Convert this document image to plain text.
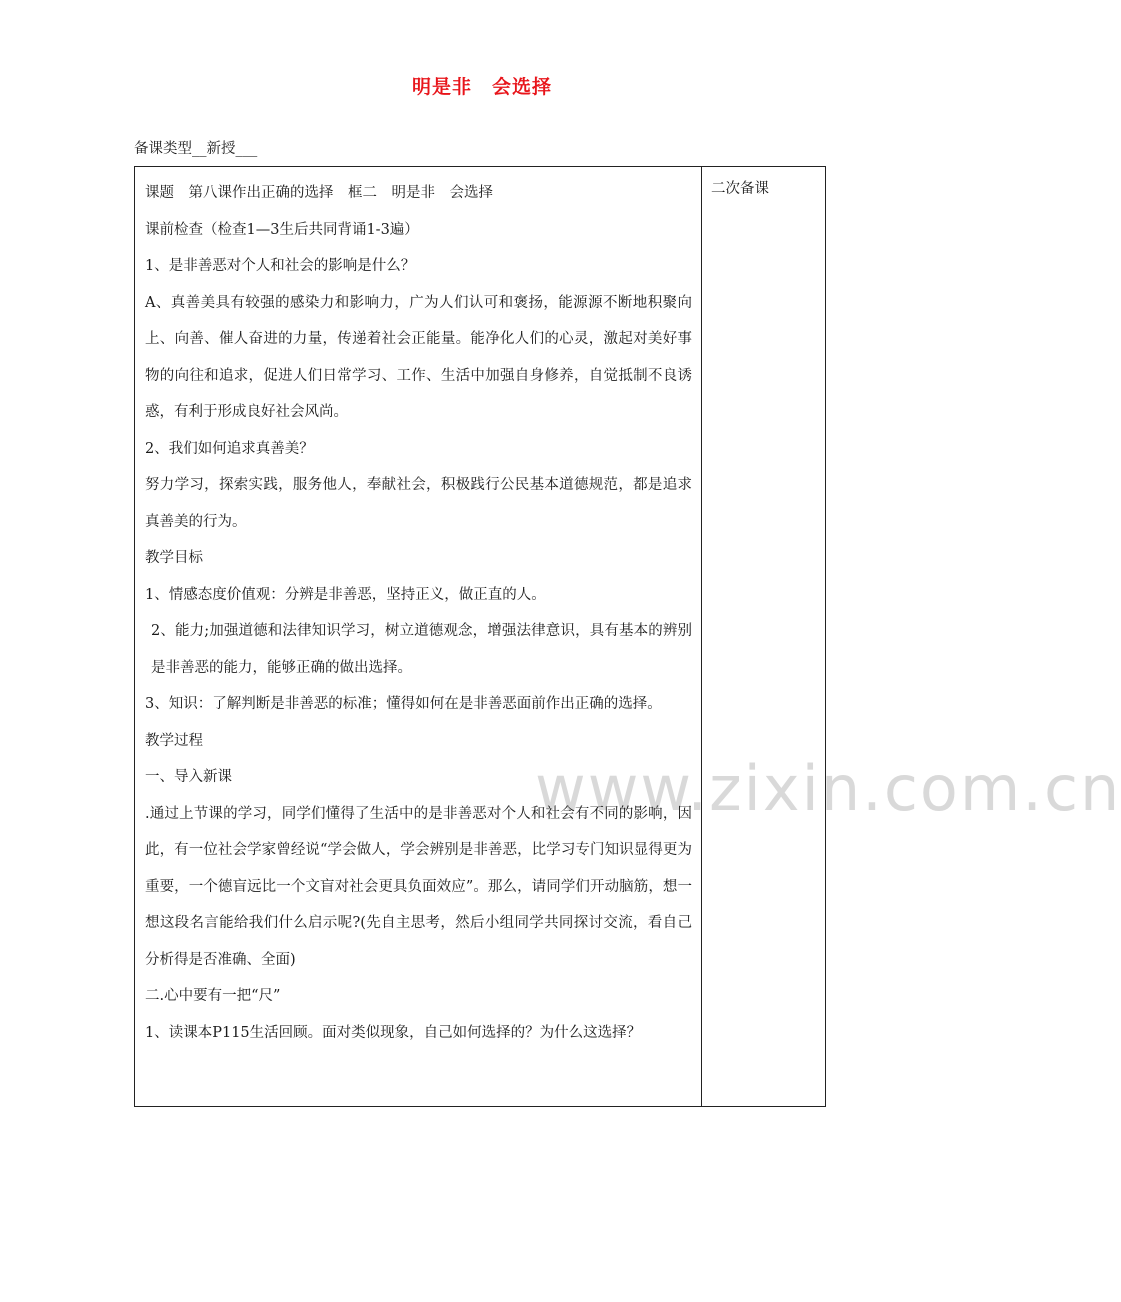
明是非　会选择
备课类型__新授___
二次备课
www.zixin.com.cn

课题　第八课作出正确的选择　框二　明是非　会选择

课前检查（检查1—3生后共同背诵1-3遍）

1、是非善恶对个人和社会的影响是什么？

A、真善美具有较强的感染力和影响力，广为人们认可和褒扬，能源源不断地积聚向上、向善、催人奋进的力量，传递着社会正能量。能净化人们的心灵，激起对美好事物的向往和追求，促进人们日常学习、工作、生活中加强自身修养，自觉抵制不良诱惑，有利于形成良好社会风尚。

2、我们如何追求真善美？

努力学习，探索实践，服务他人，奉献社会，积极践行公民基本道德规范，都是追求真善美的行为。

教学目标

1、情感态度价值观：分辨是非善恶，坚持正义，做正直的人。

2、能力;加强道德和法律知识学习，树立道德观念，增强法律意识，具有基本的辨别是非善恶的能力，能够正确的做出选择。

3、知识：了解判断是非善恶的标准；懂得如何在是非善恶面前作出正确的选择。

教学过程

一、导入新课

.通过上节课的学习，同学们懂得了生活中的是非善恶对个人和社会有不同的影响，因此，有一位社会学家曾经说“学会做人，学会辨别是非善恶，比学习专门知识显得更为重要，一个德盲远比一个文盲对社会更具负面效应”。那么，请同学们开动脑筋，想一想这段名言能给我们什么启示呢?(先自主思考，然后小组同学共同探讨交流，看自己分析得是否准确、全面)

二.心中要有一把“尺”

1、读课本P115生活回顾。面对类似现象，自己如何选择的？为什么这选择？
